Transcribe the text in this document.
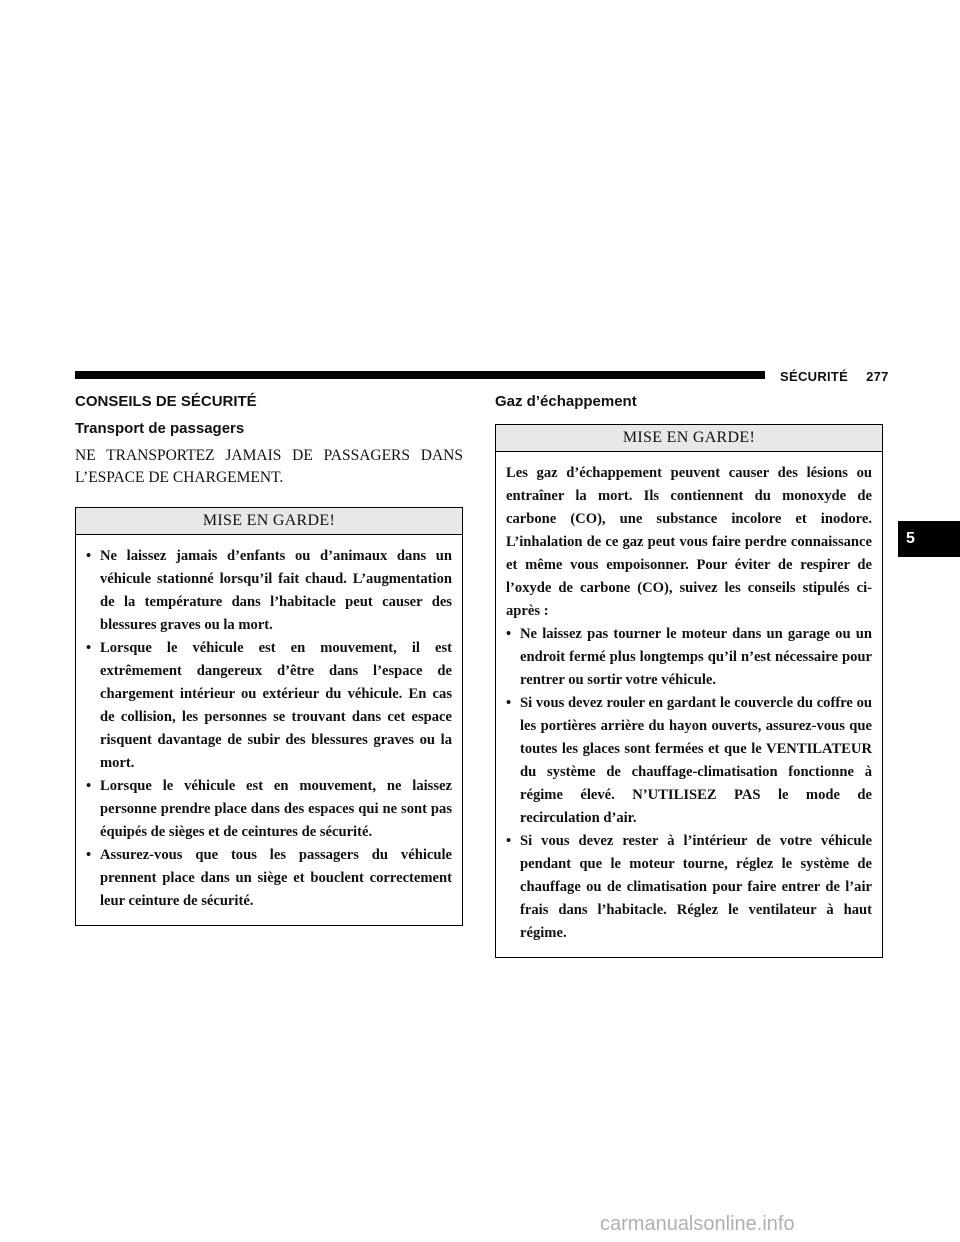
SÉCURITÉ 277
5
CONSEILS DE SÉCURITÉ
Transport de passagers

NE TRANSPORTEZ JAMAIS DE PASSAGERS DANS L’ESPACE DE CHARGEMENT.

MISE EN GARDE!
• Ne laissez jamais d’enfants ou d’animaux dans un véhicule stationné lorsqu’il fait chaud. L’augmentation de la température dans l’habitacle peut causer des blessures graves ou la mort.
• Lorsque le véhicule est en mouvement, il est extrêmement dangereux d’être dans l’espace de chargement intérieur ou extérieur du véhicule. En cas de collision, les personnes se trouvant dans cet espace risquent davantage de subir des blessures graves ou la mort.
• Lorsque le véhicule est en mouvement, ne laissez personne prendre place dans des espaces qui ne sont pas équipés de sièges et de ceintures de sécurité.
• Assurez-vous que tous les passagers du véhicule prennent place dans un siège et bouclent correctement leur ceinture de sécurité.
Gaz d’échappement
MISE EN GARDE!

Les gaz d’échappement peuvent causer des lésions ou entraîner la mort. Ils contiennent du monoxyde de carbone (CO), une substance incolore et inodore. L’inhalation de ce gaz peut vous faire perdre connaissance et même vous empoisonner. Pour éviter de respirer de l’oxyde de carbone (CO), suivez les conseils stipulés ci-après :

• Ne laissez pas tourner le moteur dans un garage ou un endroit fermé plus longtemps qu’il n’est nécessaire pour rentrer ou sortir votre véhicule.
• Si vous devez rouler en gardant le couvercle du coffre ou les portières arrière du hayon ouverts, assurez-vous que toutes les glaces sont fermées et que le VENTILATEUR du système de chauffage-climatisation fonctionne à régime élevé. N’UTILISEZ PAS le mode de recirculation d’air.
• Si vous devez rester à l’intérieur de votre véhicule pendant que le moteur tourne, réglez le système de chauffage ou de climatisation pour faire entrer de l’air frais dans l’habitacle. Réglez le ventilateur à haut régime.
carmanualsonline.info
